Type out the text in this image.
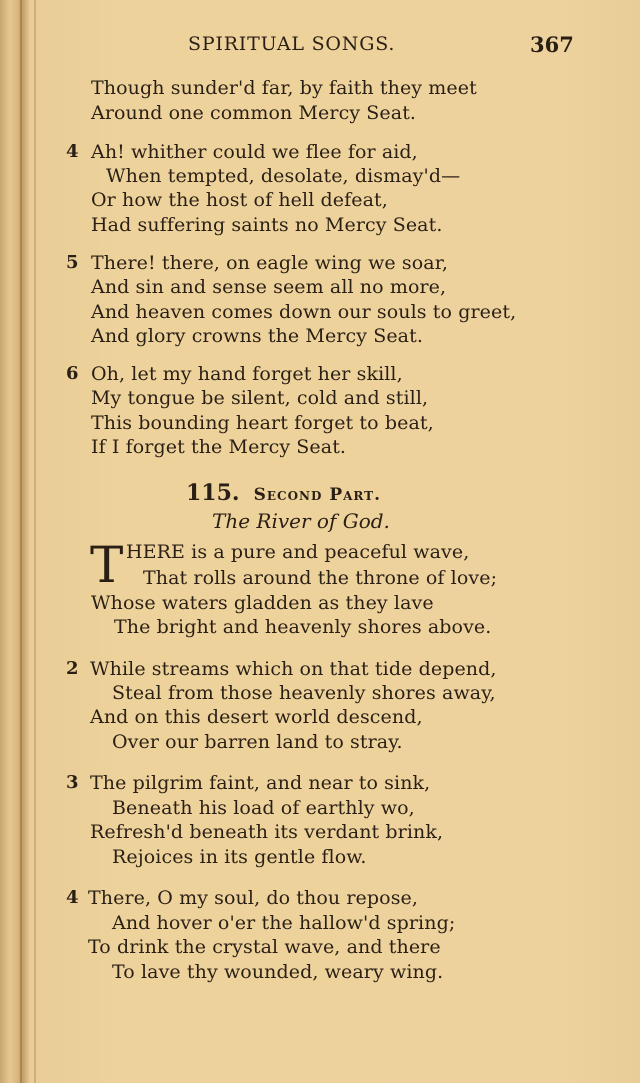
SPIRITUAL SONGS.	367
Though sunder'd far, by faith they meet
Around one common Mercy Seat.
4 Ah! whither could we flee for aid,
When tempted, desolate, dismay'd—
Or how the host of hell defeat,
Had suffering saints no Mercy Seat.
5 There! there, on eagle wing we soar,
And sin and sense seem all no more,
And heaven comes down our souls to greet,
And glory crowns the Mercy Seat.
6 Oh, let my hand forget her skill,
My tongue be silent, cold and still,
This bounding heart forget to beat,
If I forget the Mercy Seat.
115. Second Part.
The River of God.
T HERE is a pure and peaceful wave,
That rolls around the throne of love;
Whose waters gladden as they lave
The bright and heavenly shores above.
2 While streams which on that tide depend,
Steal from those heavenly shores away,
And on this desert world descend,
Over our barren land to stray.
3 The pilgrim faint, and near to sink,
Beneath his load of earthly wo,
Refresh'd beneath its verdant brink,
Rejoices in its gentle flow.
4 There, O my soul, do thou repose,
And hover o'er the hallow'd spring;
To drink the crystal wave, and there
To lave thy wounded, weary wing.
